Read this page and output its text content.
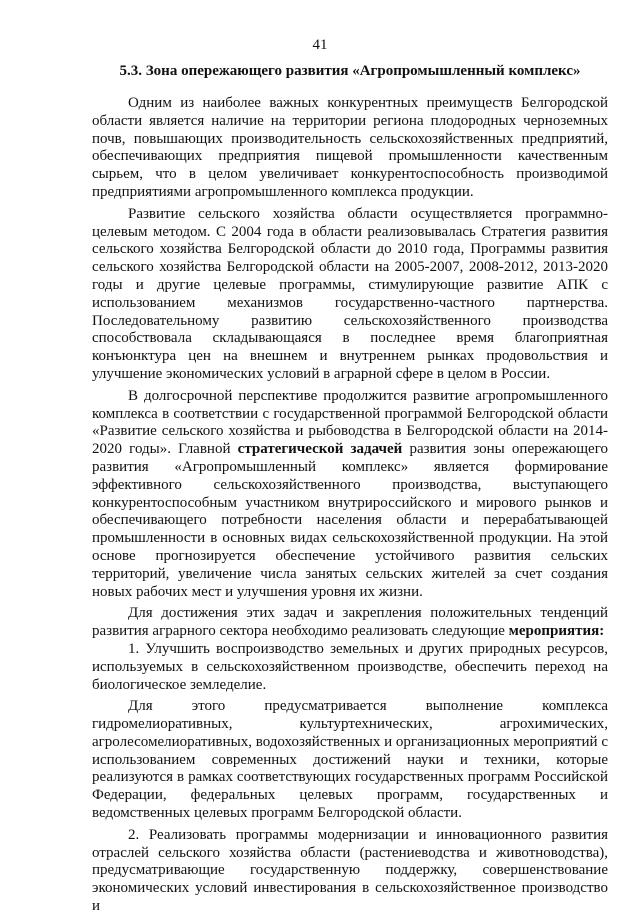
41
5.3. Зона опережающего развития «Агропромышленный комплекс»

Одним из наиболее важных конкурентных преимуществ Белгородской области является наличие на территории региона плодородных черноземных почв, повышающих производительность сельскохозяйственных предприятий, обеспечивающих предприятия пищевой промышленности качественным сырьем, что в целом увеличивает конкурентоспособность производимой предприятиями агропромышленного комплекса продукции.

Развитие сельского хозяйства области осуществляется программно-целевым методом. С 2004 года в области реализовывалась Стратегия развития сельского хозяйства Белгородской области до 2010 года, Программы развития сельского хозяйства Белгородской области на 2005-2007, 2008-2012, 2013-2020 годы и другие целевые программы, стимулирующие развитие АПК с использованием механизмов государственно-частного партнерства. Последовательному развитию сельскохозяйственного производства способствовала складывающаяся в последнее время благоприятная конъюнктура цен на внешнем и внутреннем рынках продовольствия и улучшение экономических условий в аграрной сфере в целом в России.

В долгосрочной перспективе продолжится развитие агропромышленного комплекса в соответствии с государственной программой Белгородской области «Развитие сельского хозяйства и рыбоводства в Белгородской области на 2014-2020 годы». Главной стратегической задачей развития зоны опережающего развития «Агропромышленный комплекс» является формирование эффективного сельскохозяйственного производства, выступающего конкурентоспособным участником внутрироссийского и мирового рынков и обеспечивающего потребности населения области и перерабатывающей промышленности в основных видах сельскохозяйственной продукции. На этой основе прогнозируется обеспечение устойчивого развития сельских территорий, увеличение числа занятых сельских жителей за счет создания новых рабочих мест и улучшения уровня их жизни.

Для достижения этих задач и закрепления положительных тенденций развития аграрного сектора необходимо реализовать следующие мероприятия:

1. Улучшить воспроизводство земельных и других природных ресурсов, используемых в сельскохозяйственном производстве, обеспечить переход на биологическое земледелие.

Для этого предусматривается выполнение комплекса гидромелиоративных, культуртехнических, агрохимических, агролесомелиоративных, водохозяйственных и организационных мероприятий с использованием современных достижений науки и техники, которые реализуются в рамках соответствующих государственных программ Российской Федерации, федеральных целевых программ, государственных и ведомственных целевых программ Белгородской области.

2. Реализовать программы модернизации и инновационного развития отраслей сельского хозяйства области (растениеводства и животноводства), предусматривающие государственную поддержку, совершенствование экономических условий инвестирования в сельскохозяйственное производство и
